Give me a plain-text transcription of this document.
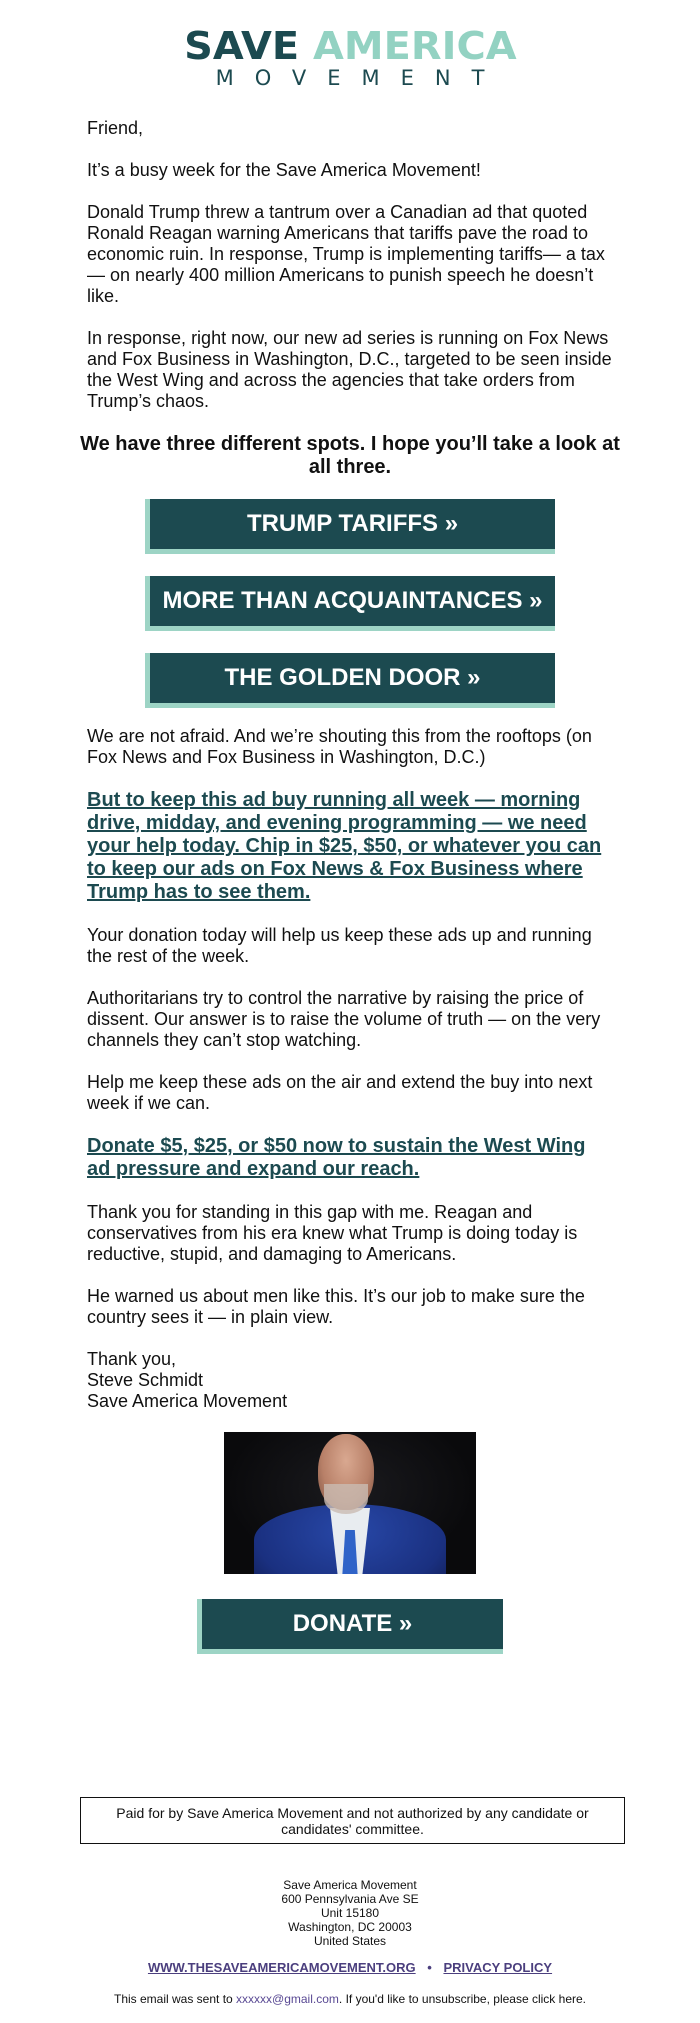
SAVE AMERICA
MOVEMENT

Friend,

It’s a busy week for the Save America Movement!

Donald Trump threw a tantrum over a Canadian ad that quoted Ronald Reagan warning Americans that tariffs pave the road to economic ruin. In response, Trump is implementing tariffs— a tax — on nearly 400 million Americans to punish speech he doesn’t like.

In response, right now, our new ad series is running on Fox News and Fox Business in Washington, D.C., targeted to be seen inside the West Wing and across the agencies that take orders from Trump’s chaos.

We have three different spots. I hope you’ll take a look at all three.
TRUMP TARIFFS »
MORE THAN ACQUAINTANCES »
THE GOLDEN DOOR »

We are not afraid. And we’re shouting this from the rooftops (on Fox News and Fox Business in Washington, D.C.)

But to keep this ad buy running all week — morning drive, midday, and evening programming — we need your help today. Chip in $25, $50, or whatever you can to keep our ads on Fox News & Fox Business where Trump has to see them.

Your donation today will help us keep these ads up and running the rest of the week.

Authoritarians try to control the narrative by raising the price of dissent. Our answer is to raise the volume of truth — on the very channels they can’t stop watching.

Help me keep these ads on the air and extend the buy into next week if we can.

Donate $5, $25, or $50 now to sustain the West Wing ad pressure and expand our reach.

Thank you for standing in this gap with me. Reagan and conservatives from his era knew what Trump is doing today is reductive, stupid, and damaging to Americans.

He warned us about men like this. It’s our job to make sure the country sees it — in plain view.

Thank you,
Steve Schmidt
Save America Movement
DONATE »
Paid for by Save America Movement and not authorized by any candidate or candidates' committee.
Save America Movement
600 Pennsylvania Ave SE
Unit 15180
Washington, DC 20003
United States
WWW.THESAVEAMERICAMOVEMENT.ORG • PRIVACY POLICY
This email was sent to xxxxxx@gmail.com. If you'd like to unsubscribe, please click here.
